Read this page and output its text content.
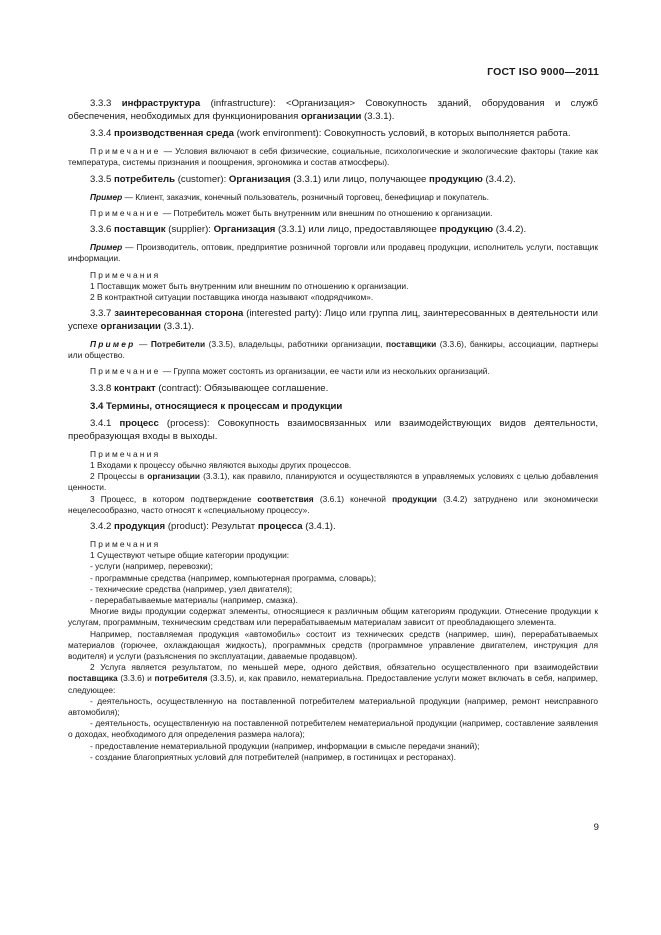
ГОСТ ISO 9000—2011

3.3.3 инфраструктура (infrastructure): <Организация> Совокупность зданий, оборудования и служб обеспечения, необходимых для функционирования организации (3.3.1).

3.3.4 производственная среда (work environment): Совокупность условий, в которых выполняется работа.

Примечание — Условия включают в себя физические, социальные, психологические и экологические факторы (такие как температура, системы признания и поощрения, эргономика и состав атмосферы).

3.3.5 потребитель (customer): Организация (3.3.1) или лицо, получающее продукцию (3.4.2).

Пример — Клиент, заказчик, конечный пользователь, розничный торговец, бенефициар и покупатель.

Примечание — Потребитель может быть внутренним или внешним по отношению к организации.

3.3.6 поставщик (supplier): Организация (3.3.1) или лицо, предоставляющее продукцию (3.4.2).

Пример — Производитель, оптовик, предприятие розничной торговли или продавец продукции, исполнитель услуги, поставщик информации.

Примечания

1 Поставщик может быть внутренним или внешним по отношению к организации.

2 В контрактной ситуации поставщика иногда называют «подрядчиком».

3.3.7 заинтересованная сторона (interested party): Лицо или группа лиц, заинтересованных в деятельности или успехе организации (3.3.1).

Пример — Потребители (3.3.5), владельцы, работники организации, поставщики (3.3.6), банкиры, ассоциации, партнеры или общество.

Примечание — Группа может состоять из организации, ее части или из нескольких организаций.

3.3.8 контракт (contract): Обязывающее соглашение.

3.4 Термины, относящиеся к процессам и продукции

3.4.1 процесс (process): Совокупность взаимосвязанных или взаимодействующих видов деятельности, преобразующая входы в выходы.

Примечания

1 Входами к процессу обычно являются выходы других процессов.

2 Процессы в организации (3.3.1), как правило, планируются и осуществляются в управляемых условиях с целью добавления ценности.

3 Процесс, в котором подтверждение соответствия (3.6.1) конечной продукции (3.4.2) затруднено или экономически нецелесообразно, часто относят к «специальному процессу».

3.4.2 продукция (product): Результат процесса (3.4.1).

Примечания

1 Существуют четыре общие категории продукции:

- услуги (например, перевозки);

- программные средства (например, компьютерная программа, словарь);

- технические средства (например, узел двигателя);

- перерабатываемые материалы (например, смазка).

Многие виды продукции содержат элементы, относящиеся к различным общим категориям продукции. Отнесение продукции к услугам, программным, техническим средствам или перерабатываемым материалам зависит от преобладающего элемента.

Например, поставляемая продукция «автомобиль» состоит из технических средств (например, шин), перерабатываемых материалов (горючее, охлаждающая жидкость), программных средств (программное управление двигателем, инструкция для водителя) и услуги (разъяснения по эксплуатации, даваемые продавцом).

2 Услуга является результатом, по меньшей мере, одного действия, обязательно осуществленного при взаимодействии поставщика (3.3.6) и потребителя (3.3.5), и, как правило, нематериальна. Предоставление услуги может включать в себя, например, следующее:

- деятельность, осуществленную на поставленной потребителем материальной продукции (например, ремонт неисправного автомобиля);

- деятельность, осуществленную на поставленной потребителем нематериальной продукции (например, составление заявления о доходах, необходимого для определения размера налога);

- предоставление нематериальной продукции (например, информации в смысле передачи знаний);

- создание благоприятных условий для потребителей (например, в гостиницах и ресторанах).

9
